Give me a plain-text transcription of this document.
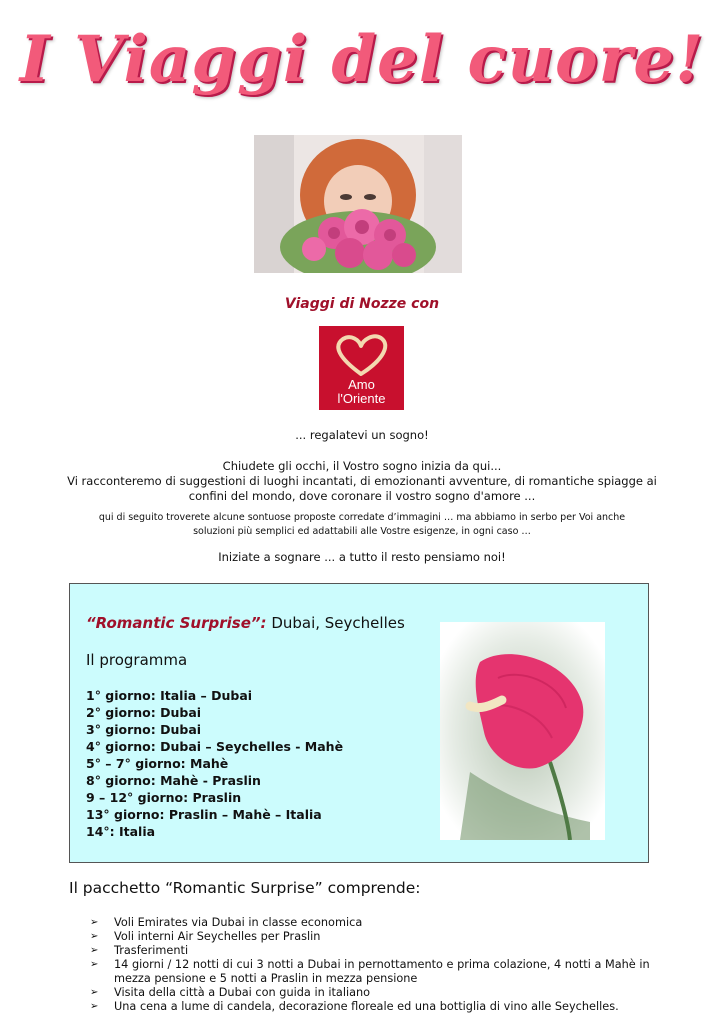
I Viaggi del cuore!
Viaggi di Nozze con
Amo
l'Oriente
... regalatevi un sogno!
Chiudete gli occhi, il Vostro sogno inizia da qui...
Vi racconteremo di suggestioni di luoghi incantati, di emozionanti avventure, di romantiche spiagge ai
confini del mondo, dove coronare il vostro sogno d'amore ...
qui di seguito troverete alcune sontuose proposte corredate d’immagini … ma abbiamo in serbo per Voi anche
soluzioni più semplici ed adattabili alle Vostre esigenze, in ogni caso …
Iniziate a sognare ... a tutto il resto pensiamo noi!
“Romantic Surprise”: Dubai, Seychelles
Il programma
1° giorno: Italia – Dubai
2° giorno: Dubai
3° giorno: Dubai
4° giorno: Dubai – Seychelles - Mahè
5° – 7° giorno: Mahè
8° giorno: Mahè - Praslin
9 – 12° giorno: Praslin
13° giorno: Praslin – Mahè – Italia
14°: Italia
Il pacchetto “Romantic Surprise” comprende:
➢ Voli Emirates via Dubai in classe economica
➢ Voli interni Air Seychelles per Praslin
➢ Trasferimenti
➢ 14 giorni / 12 notti di cui 3 notti a Dubai in pernottamento e prima colazione, 4 notti a Mahè in mezza pensione e 5 notti a Praslin in mezza pensione
➢ Visita della città a Dubai con guida in italiano
➢ Una cena a lume di candela, decorazione floreale ed una bottiglia di vino alle Seychelles.
